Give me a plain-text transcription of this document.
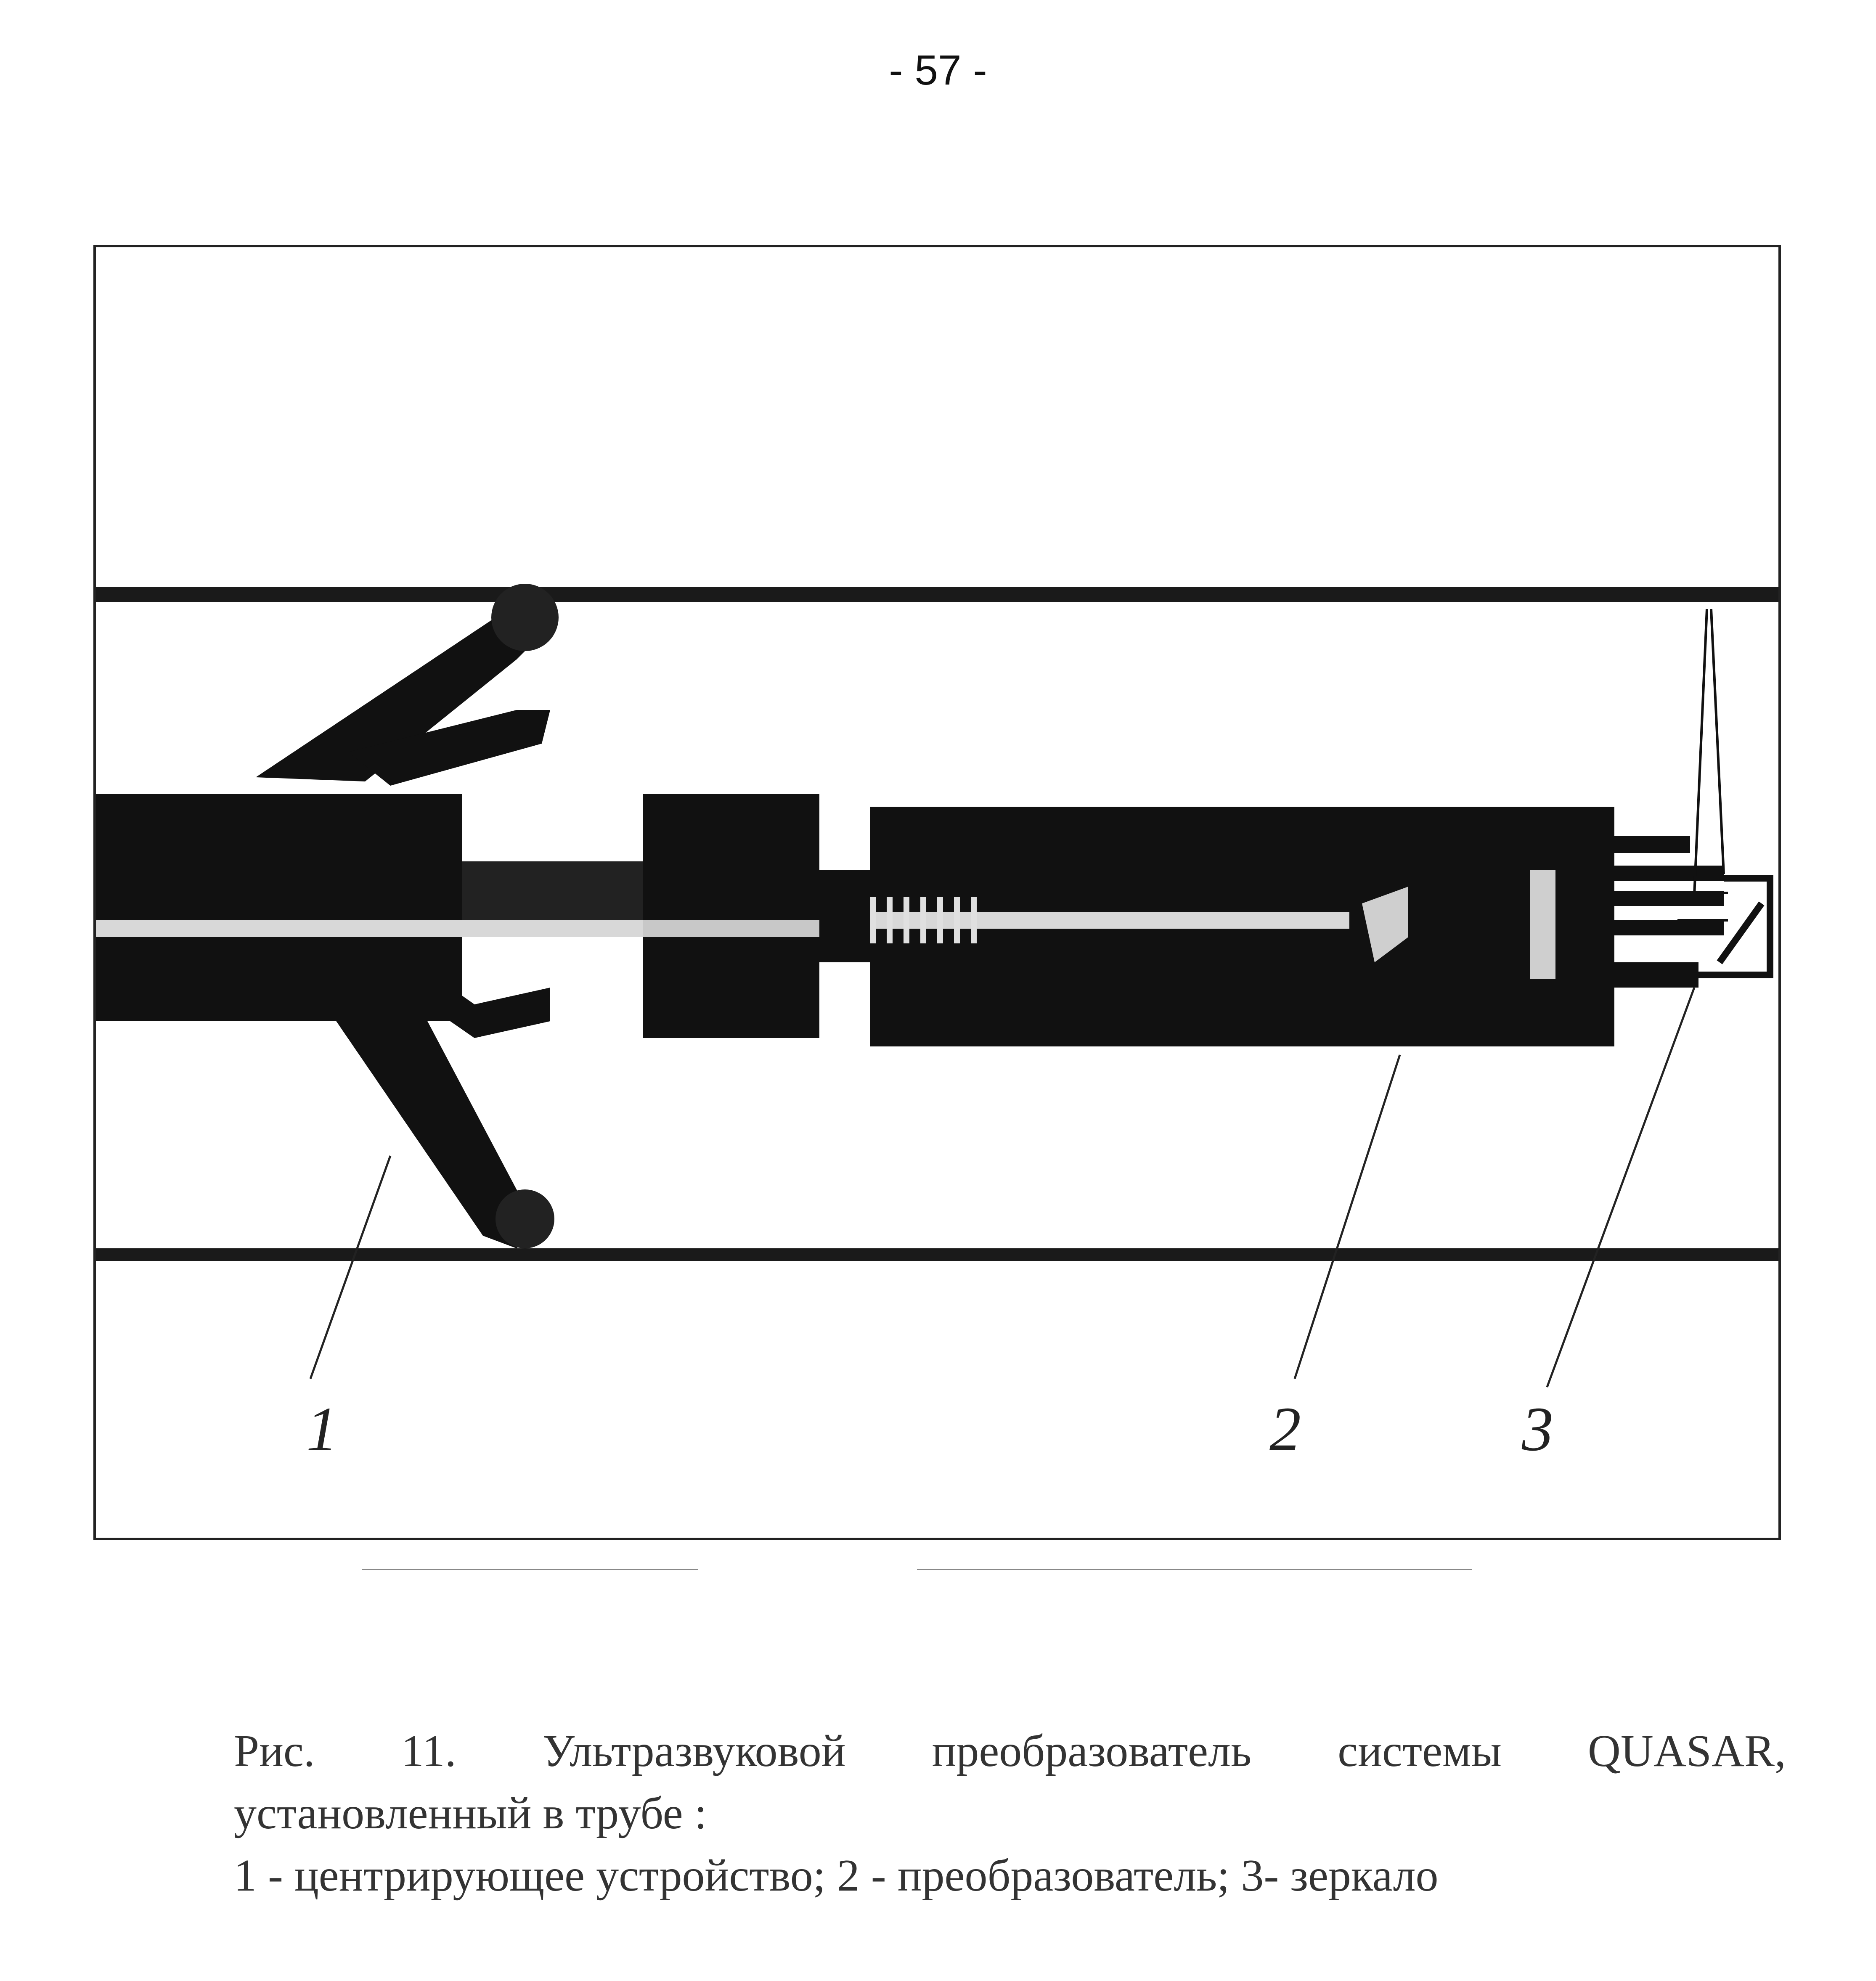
- 57 -
1	2	3
Рис. 11. Ультразвуковой преобразователь системы QUASAR,
установленный в трубе :
1 - центрирующее устройство; 2 - преобразователь; 3- зеркало
